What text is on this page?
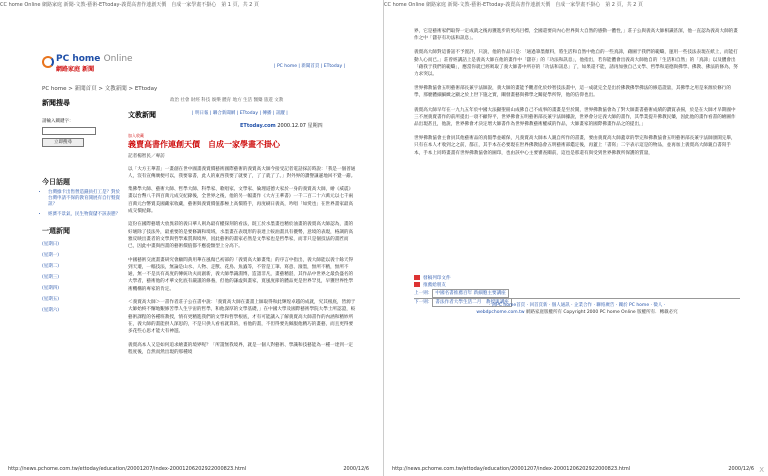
CC home Online 網路家庭 新聞-文教-藝術-ETtoday-義賣高書作連創天價　自成一家學畫不掛心　第 1 頁，共 2 頁
PC home Online
網路家庭 新聞	| PC home | 新聞首頁 | ETtoday |
PC home > 新聞首頁 > 文教新聞 > ETtoday
新聞搜尋
請輸入關鍵字：
立即搜尋
今日話題
• 台灣綠卡出售營造錢員打工是？對於台灣申請不保的教育開展有自行暨資訊？
• 經濟不景氣，民生物資儲不該表態？
一週新聞
(星期日)
(星期一)
(星期二)
(星期三)
(星期四)
(星期五)
(星期六)
政治 社會 財經 科技 娛樂 體育 地方 生活 醫藥 旅遊 文教
文教新聞	| 明日報 | 聯合新聞網 | ETtoday | 傳播 | 訊蹤 |
ETtoday.com 2000.12.07 星期四
加入收藏
義賣高書作連創天價　自成一家學畫不掛心
記者楊智民／專訪

以「大方王華書」一畫創在世中國畫義賣價藝術國際藝術的義賣高大師今接受記者電話採訪時說：「我是一個普通人，沒有宣傳廣便可以，我要靠書，此人的東西我要了就要了，了了就了了。」對外界的讚譽謙遜地回不覺一辭。

集佛學大師、藝術大師、哲學大師、科學家、歌唱家、文學家、倫理道德大家於一身的義賣高大師，繪《威震》畫以台幣八千四百萬元成交紀錄後，全世界之後，他的另一幅畫作《大方王華書》一千二百二十六萬元以七千兩百萬元台幣賣美國藏家收藏，藝術與義賣價值都極上高價將手，再度刷日義高，吟唱「如愛也」在世界畫家最高成交價紀錄。

這份在國際藝壇大放異彩的義日華人則為最有權探刻的看法，既工於水墨畫也精於油畫的義賣高大師認為，畫的好壞除了技法外，最重要的是要修調和境域，水墨畫在表現形的表達上較油畫具有優勢，意境的表現，格調的高雅反映出畫者的文學與哲學素質與境界，因此藝術的畫家必然是文學家也是哲學家，而非只是個技法的畫匠而已，因此中畫與西畫的藝術價值都不應從類型上分高下。

中國藝術交流畫畫研究會顧問黃用華在風傷已初部的「義賣高大師畫集」的序言中指出，義大師能以義十餘天得到天遷，一幅技法，無論是山水、人物、走獸、花鳥、魚蟲等，不管是工筆、寫意、潑墨，無所不精，無所不通，無一不是具有高度的傳統功夫而創新，義大師學識淵博，造詣非凡，畫藝精湛，其作品中世界之最負盛名的大學者，藝術他的才華文化底有嚴謹的修養，但他的謙虛與畫家，寬風度節的體品更是世界罕見，早獲世界性學術機構的專家的肯定。

＜義賣高大師＞一書作者莊子公在書中說：「義賣高大師在畫畫上師取得和此輝煌卓越的成就，究其根底，皆源于大師始終不懈地艱修苦學人生字宙的哲學，和他深厚的文學基礎，」在中國大學及國際藝術學院大學士所認證，較藝術課程的各種班教授，情有更精進我們的文學和哲學根底，才有可能讓入了解義賣高大師書作的內涵和精妙所在，義大師的畫能供人深思的，不是只供人看看就算的，看他的畫，不但得要先佩服他精巧的畫藝，而且更得要多花些心思才能大有神遊。

義賣高本人又是如何追求繪畫的境界呢？「所謂無我境界，就是一個人對藝術、學識和技藝能為一種一達到一定程度後，自然而然出現的那種境

http://news.pchome.com.tw/ettoday/education/20001207/index-20001206202922000823.html	2000/12/6
CC home Online 網路家庭 新聞-文教-藝術-ETtoday-義賣高書作連創天價　自成一家學畫不掛心　第 2 頁，共 2 頁

界，它是藝術家們取得一定成就之後再獲進步的更高目標，全國還要向內心世界與大自然的感動一體性，」莊子公與義高大師相識甚深，他一直認為義高大師的畫作之中「儲存有功法和訊息」。

義賣高大師對這番話不予置評，只說，他的作品只是：「通過筆墨顏料，將生活和自然中他自的一些真諦，藉圖于我們的範疇，運用一些技法表現在紙上，而能打動人心而已。」莊曾經講話上是義高大師在他的畫作中「儲存」的「功法和訊息」，他指出，若你能體會出義高大師他自的「生活和自然」的「真諦」以及體會出「藉我于我們的範疇」，應當你就已經吸取了義大師書中所存的「功法和訊息」了，如果還不能，請再加強自己文學、哲學和道德與佛學、佛教、佛法的修為，努力求突以。

世界佛教協會五明藝術部長兼宇法師說，義大師的畫能予觀者化於妙智技法畫中，這一成就完全是出於佛教佛學佛法的修造證量，其佛學之用是來源於修行的學，那麼體細細緻之顯之於上世下施之實，闡發畫藝與佛學之關從學所得，他的信仰也出。

義賣高大師早年在一九九五年於中國大法顯聖冊山成佛自己不成事的畫畫是至於開，世界佛教協會為了對大師畫書藝術成績的讚賞表揚，於是在大師才早期國中三不展義賣書作的前所提出一項不顧得平，世界佛會五明藝術部長兼宇法師據說，世界會分定義大師的畫作，其學業提升佛教民藥，因此他的畫作看書的繪圖作品出現甚且，他說，世界佛會才決定增大師書作為世界佛教藝術權威的作品，大師畫家的國際佛畫作品之的提出，」

世界佛教協會主會員其他藝術品的真假學並確保，凡義賣高大師本人親自所作的書畫，要由義賣高大師蓋章的學完和佛教協會五明藝術部長兼宇法師頒開完畢，只有在本人才收到之之前，都正，其手本在必要現在世界佛教協會五明藝術部鑑定後，再蓋上「書寫」二字表示這是的物品，並再加上義賣高大師親自書寫手本，手本上同時畫畫有世界佛教協會的圖印，也由該中心主要審查關前，這也是那還有與受到世界佛教所保護的質量，

發稿列印文件
推薦給朋友
上一則： 中國名書推薦百年 新細胞主要講座
下一則： 書法作者大學生活二月　教授與講座
‧ 回PC home首頁 ‧ 回首頁新 ‧ 個人通訊 ‧ 企業合作 ‧ 聯絡廣告 ‧ 關於 PC home ‧ 徵人 ‧
webdpchome.com.tw 網路家庭版權所有 Copyright 2000 PC home Online 版權所有．轉載必究
http://news.pchome.com.tw/ettoday/education/20001207/index-20001206202922000823.html	2000/12/6 X
